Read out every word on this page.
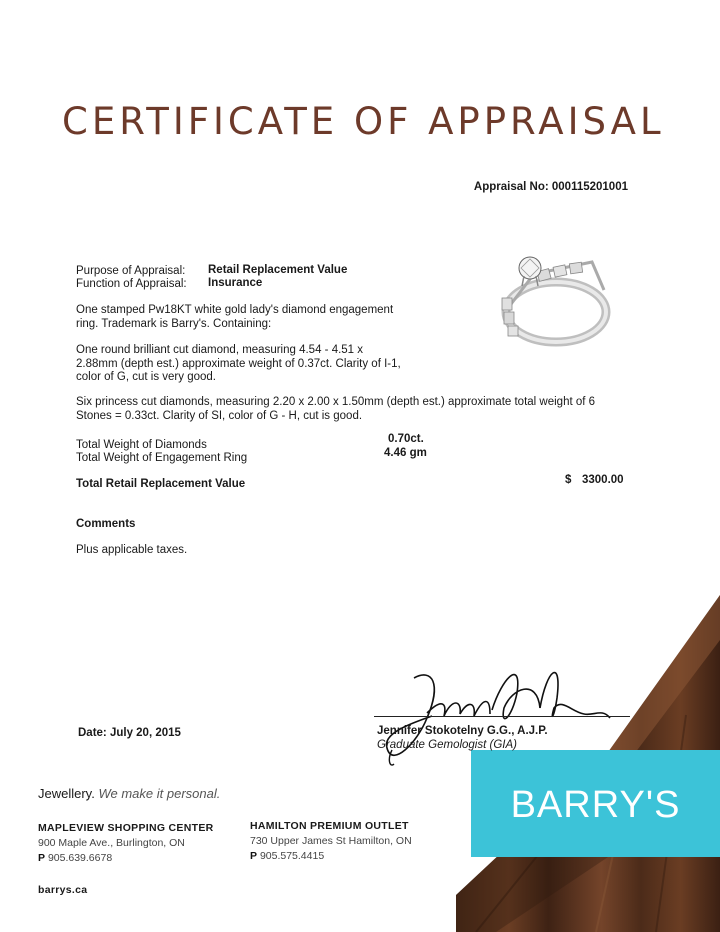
CERTIFICATE OF APPRAISAL
Appraisal No: 000115201001
Purpose of Appraisal: Retail Replacement Value
Function of Appraisal: Insurance
One stamped Pw18KT white gold lady's diamond engagement ring. Trademark is Barry's. Containing:
One round brilliant cut diamond, measuring 4.54 - 4.51 x 2.88mm (depth est.) approximate weight of 0.37ct. Clarity of I-1, color of G, cut is very good.
Six princess cut diamonds, measuring 2.20 x 2.00 x 1.50mm (depth est.) approximate total weight of 6 Stones = 0.33ct. Clarity of SI, color of G - H, cut is good.
Total Weight of Diamonds	0.70ct.
Total Weight of Engagement Ring	4.46 gm
Total Retail Replacement Value	$ 3300.00
Comments
Plus applicable taxes.
BARRY'S
Date: July 20, 2015	Jennifer Stokotelny G.G., A.J.P.
Graduate Gemologist (GIA)
Jewellery. We make it personal.
MAPLEVIEW SHOPPING CENTER
900 Maple Ave., Burlington, ON
P 905.639.6678
HAMILTON PREMIUM OUTLET
730 Upper James St Hamilton, ON
P 905.575.4415
barrys.ca
